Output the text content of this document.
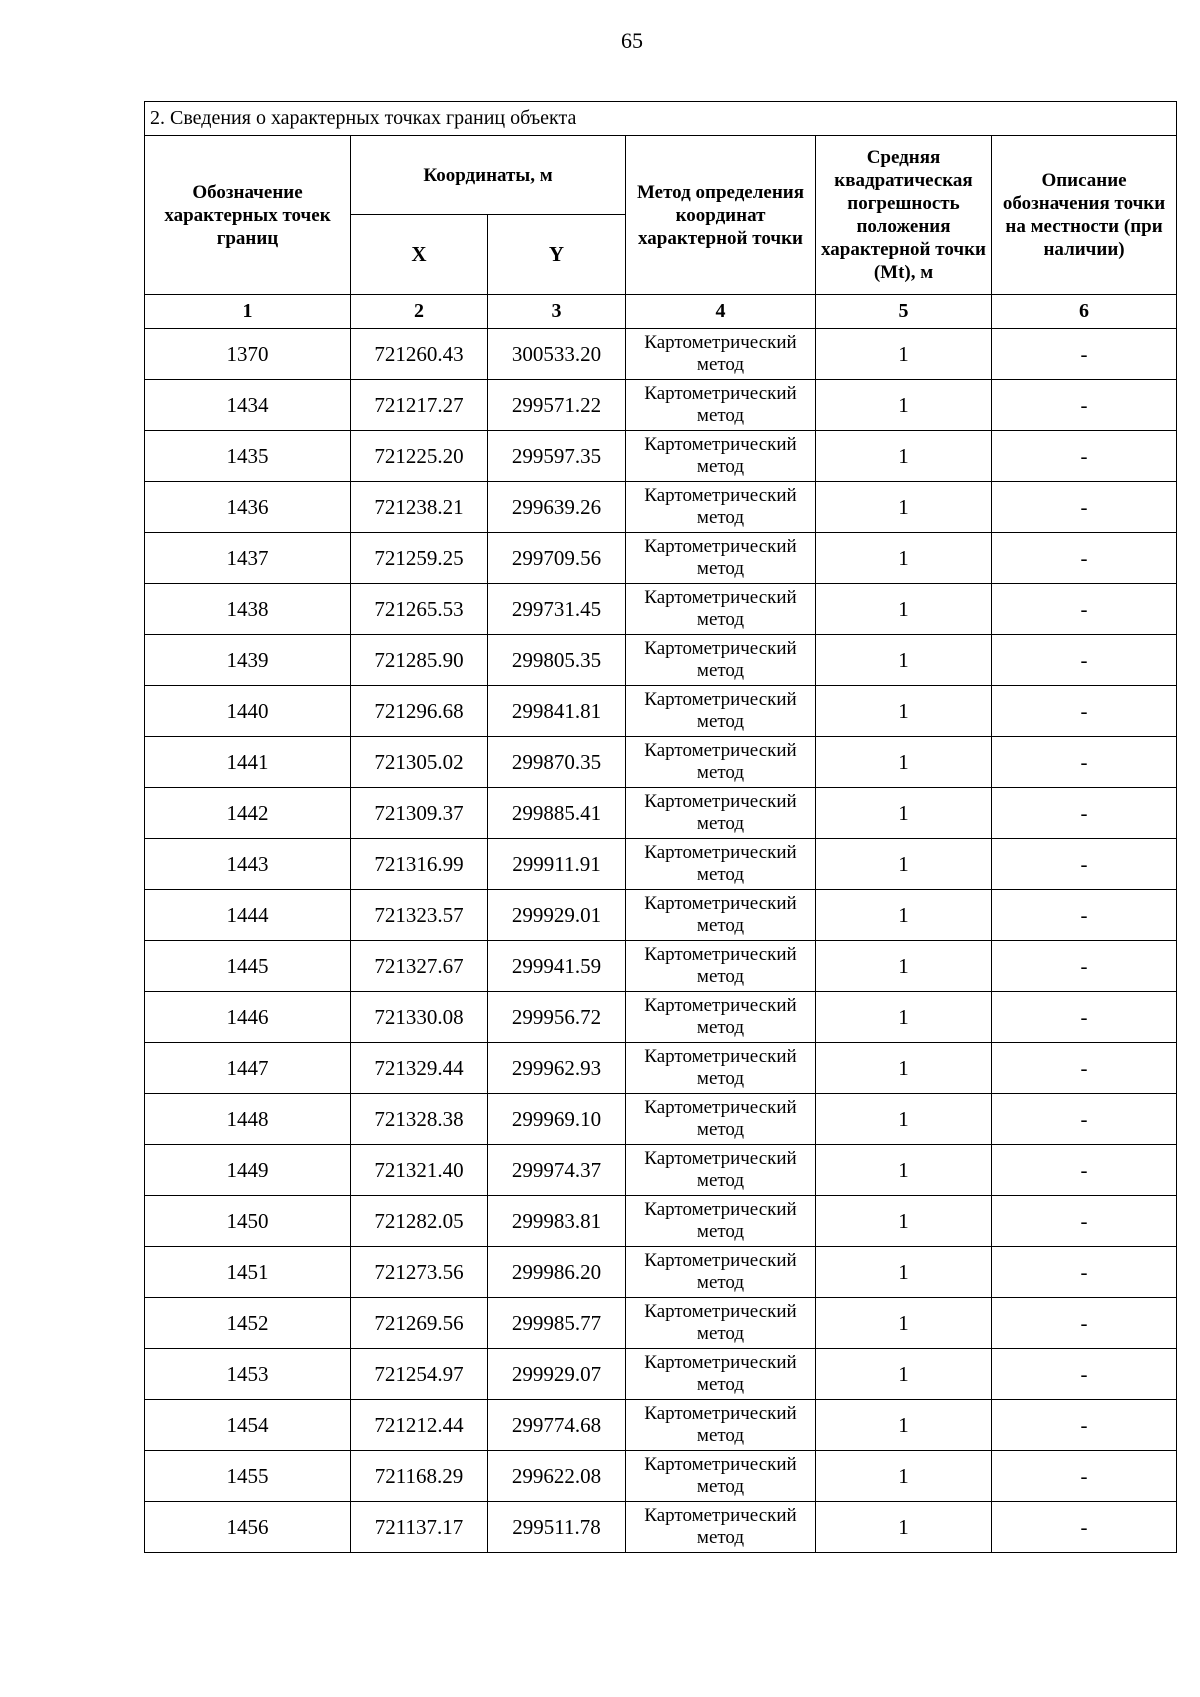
65
2. Сведения о характерных точках границ объекта					
Обозначение характерных точек границ	Координаты, м		Метод определения координат характерной точки	Средняя квадратическая погрешность положения характерной точки (Mt), м	Описание обозначения точки на местности (при наличии)
	X	Y			
1	2	3	4	5	6
1370	721260.43	300533.20	Картометрический метод	1	-
1434	721217.27	299571.22	Картометрический метод	1	-
1435	721225.20	299597.35	Картометрический метод	1	-
1436	721238.21	299639.26	Картометрический метод	1	-
1437	721259.25	299709.56	Картометрический метод	1	-
1438	721265.53	299731.45	Картометрический метод	1	-
1439	721285.90	299805.35	Картометрический метод	1	-
1440	721296.68	299841.81	Картометрический метод	1	-
1441	721305.02	299870.35	Картометрический метод	1	-
1442	721309.37	299885.41	Картометрический метод	1	-
1443	721316.99	299911.91	Картометрический метод	1	-
1444	721323.57	299929.01	Картометрический метод	1	-
1445	721327.67	299941.59	Картометрический метод	1	-
1446	721330.08	299956.72	Картометрический метод	1	-
1447	721329.44	299962.93	Картометрический метод	1	-
1448	721328.38	299969.10	Картометрический метод	1	-
1449	721321.40	299974.37	Картометрический метод	1	-
1450	721282.05	299983.81	Картометрический метод	1	-
1451	721273.56	299986.20	Картометрический метод	1	-
1452	721269.56	299985.77	Картометрический метод	1	-
1453	721254.97	299929.07	Картометрический метод	1	-
1454	721212.44	299774.68	Картометрический метод	1	-
1455	721168.29	299622.08	Картометрический метод	1	-
1456	721137.17	299511.78	Картометрический метод	1	-
